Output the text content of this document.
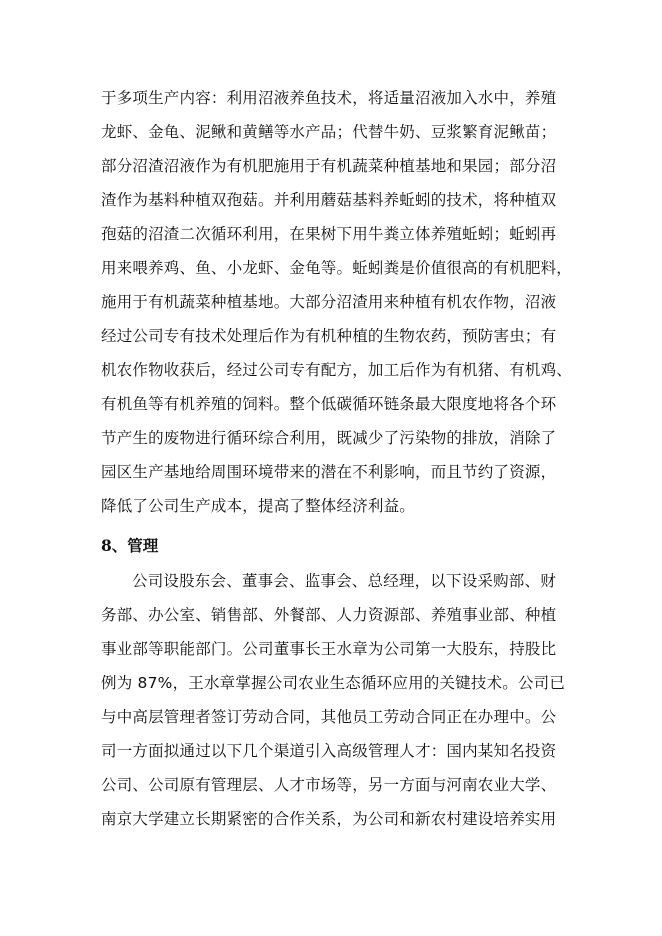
于多项生产内容：利用沼液养鱼技术，将适量沼液加入水中，养殖
龙虾、金龟、泥鳅和黄鳝等水产品；代替牛奶、豆浆繁育泥鳅苗；
部分沼渣沼液作为有机肥施用于有机蔬菜种植基地和果园；部分沼
渣作为基料种植双孢菇。并利用蘑菇基料养蚯蚓的技术，将种植双
孢菇的沼渣二次循环利用，在果树下用牛粪立体养殖蚯蚓；蚯蚓再
用来喂养鸡、鱼、小龙虾、金龟等。蚯蚓粪是价值很高的有机肥料，
施用于有机蔬菜种植基地。大部分沼渣用来种植有机农作物，沼液
经过公司专有技术处理后作为有机种植的生物农药，预防害虫；有
机农作物收获后，经过公司专有配方，加工后作为有机猪、有机鸡、
有机鱼等有机养殖的饲料。整个低碳循环链条最大限度地将各个环
节产生的废物进行循环综合利用，既减少了污染物的排放，消除了
园区生产基地给周围环境带来的潜在不利影响，而且节约了资源，
降低了公司生产成本，提高了整体经济利益。
8、管理
公司设股东会、董事会、监事会、总经理，以下设采购部、财
务部、办公室、销售部、外餐部、人力资源部、养殖事业部、种植
事业部等职能部门。公司董事长王水章为公司第一大股东，持股比
例为 87%，王水章掌握公司农业生态循环应用的关键技术。公司已
与中高层管理者签订劳动合同，其他员工劳动合同正在办理中。公
司一方面拟通过以下几个渠道引入高级管理人才：国内某知名投资
公司、公司原有管理层、人才市场等，另一方面与河南农业大学、
南京大学建立长期紧密的合作关系，为公司和新农村建设培养实用
